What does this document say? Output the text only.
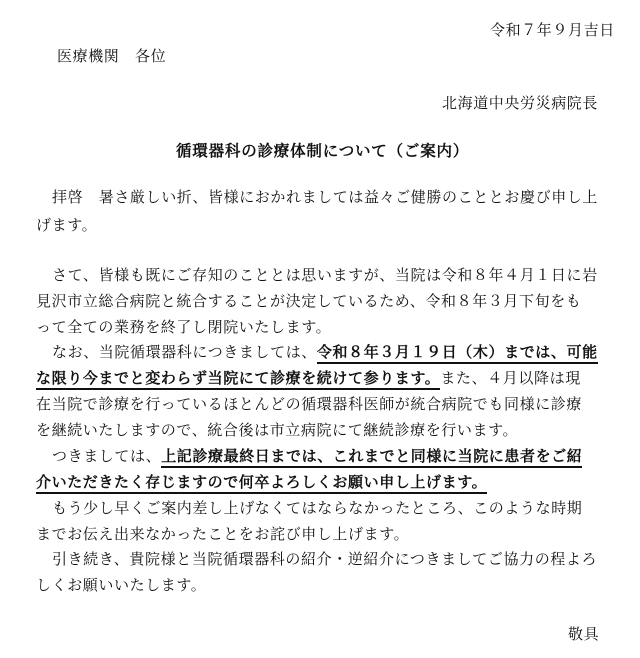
令和７年９月吉日
医療機関　各位
北海道中央労災病院長
循環器科の診療体制について（ご案内）
拝啓　暑さ厳しい折、皆様におかれましては益々ご健勝のこととお慶び申し上
げます。
さて、皆様も既にご存知のこととは思いますが、当院は令和８年４月１日に岩
見沢市立総合病院と統合することが決定しているため、令和８年３月下旬をも
って全ての業務を終了し閉院いたします。
なお、当院循環器科につきましては、令和８年３月１９日（木）までは、可能
な限り今までと変わらず当院にて診療を続けて参ります。また、４月以降は現
在当院で診療を行っているほとんどの循環器科医師が統合病院でも同様に診療
を継続いたしますので、統合後は市立病院にて継続診療を行います。
つきましては、上記診療最終日までは、これまでと同様に当院に患者をご紹
介いただきたく存じますので何卒よろしくお願い申し上げます。
もう少し早くご案内差し上げなくてはならなかったところ、このような時期
までお伝え出来なかったことをお詫び申し上げます。
引き続き、貴院様と当院循環器科の紹介・逆紹介につきましてご協力の程よろ
しくお願いいたします。
敬具
